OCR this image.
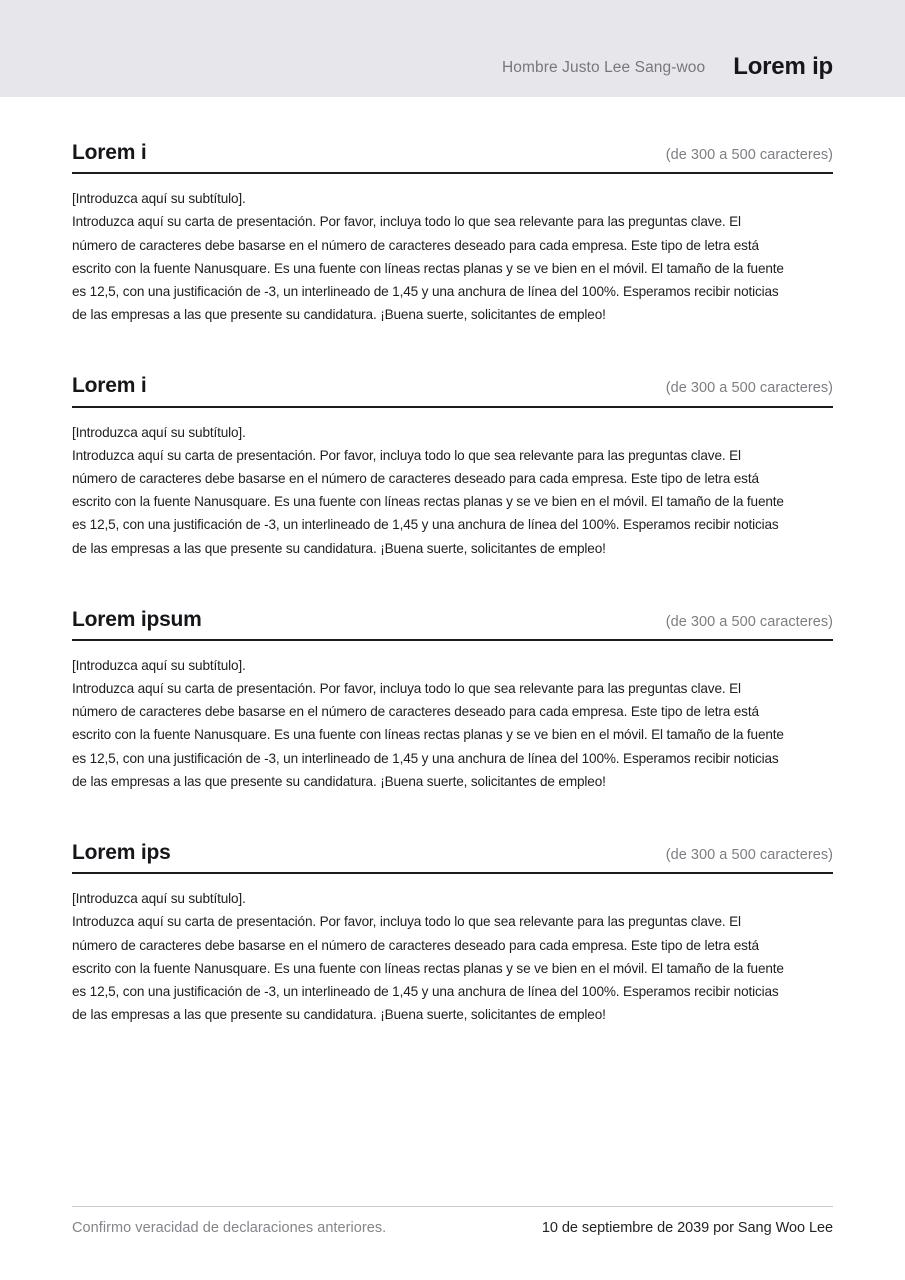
Hombre Justo Lee Sang-woo Lorem ip
Lorem i	(de 300 a 500 caracteres)
[Introduzca aquí su subtítulo].
Introduzca aquí su carta de presentación. Por favor, incluya todo lo que sea relevante para las preguntas clave. El número de caracteres debe basarse en el número de caracteres deseado para cada empresa. Este tipo de letra está escrito con la fuente Nanusquare. Es una fuente con líneas rectas planas y se ve bien en el móvil. El tamaño de la fuente es 12,5, con una justificación de -3, un interlineado de 1,45 y una anchura de línea del 100%. Esperamos recibir noticias de las empresas a las que presente su candidatura. ¡Buena suerte, solicitantes de empleo!
Lorem i	(de 300 a 500 caracteres)
[Introduzca aquí su subtítulo].
Introduzca aquí su carta de presentación. Por favor, incluya todo lo que sea relevante para las preguntas clave. El número de caracteres debe basarse en el número de caracteres deseado para cada empresa. Este tipo de letra está escrito con la fuente Nanusquare. Es una fuente con líneas rectas planas y se ve bien en el móvil. El tamaño de la fuente es 12,5, con una justificación de -3, un interlineado de 1,45 y una anchura de línea del 100%. Esperamos recibir noticias de las empresas a las que presente su candidatura. ¡Buena suerte, solicitantes de empleo!
Lorem ipsum	(de 300 a 500 caracteres)
[Introduzca aquí su subtítulo].
Introduzca aquí su carta de presentación. Por favor, incluya todo lo que sea relevante para las preguntas clave. El número de caracteres debe basarse en el número de caracteres deseado para cada empresa. Este tipo de letra está escrito con la fuente Nanusquare. Es una fuente con líneas rectas planas y se ve bien en el móvil. El tamaño de la fuente es 12,5, con una justificación de -3, un interlineado de 1,45 y una anchura de línea del 100%. Esperamos recibir noticias de las empresas a las que presente su candidatura. ¡Buena suerte, solicitantes de empleo!
Lorem ips	(de 300 a 500 caracteres)
[Introduzca aquí su subtítulo].
Introduzca aquí su carta de presentación. Por favor, incluya todo lo que sea relevante para las preguntas clave. El número de caracteres debe basarse en el número de caracteres deseado para cada empresa. Este tipo de letra está escrito con la fuente Nanusquare. Es una fuente con líneas rectas planas y se ve bien en el móvil. El tamaño de la fuente es 12,5, con una justificación de -3, un interlineado de 1,45 y una anchura de línea del 100%. Esperamos recibir noticias de las empresas a las que presente su candidatura. ¡Buena suerte, solicitantes de empleo!
Confirmo veracidad de declaraciones anteriores.	10 de septiembre de 2039 por Sang Woo Lee
